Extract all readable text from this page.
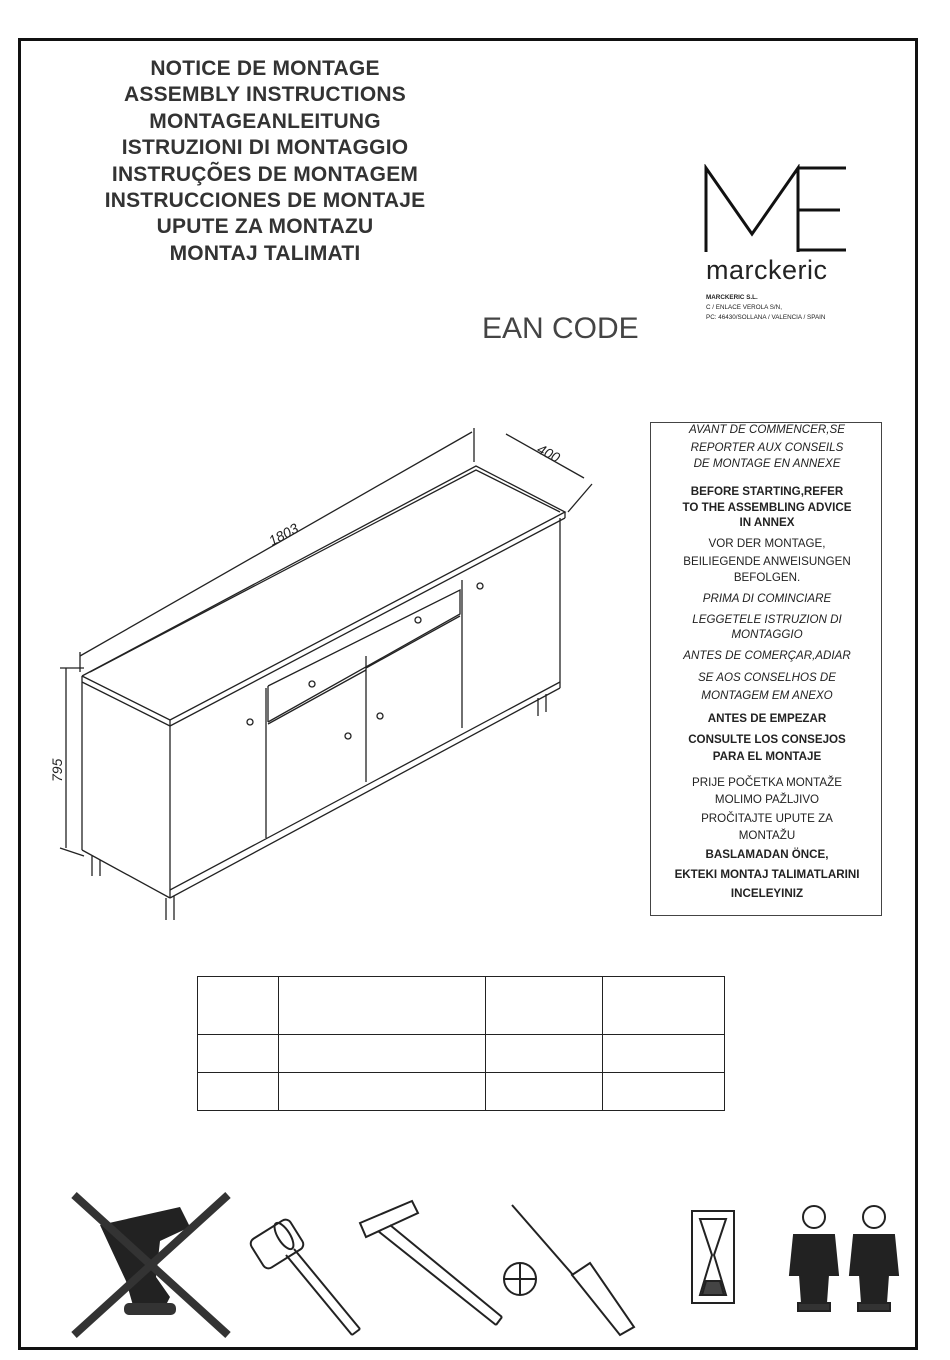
NOTICE DE MONTAGE
ASSEMBLY INSTRUCTIONS
MONTAGEANLEITUNG
ISTRUZIONI DI MONTAGGIO
INSTRUÇÕES DE MONTAGEM
INSTRUCCIONES DE MONTAJE
UPUTE ZA MONTAZU
MONTAJ TALIMATI
marckeric
MARCKERIC S.L.
C / ENLACE VEROLA S/N,
PC: 46430/SOLLANA / VALENCIA / SPAIN
EAN CODE
1803
400
795
AVANT DE COMMENCER,SE
REPORTER AUX CONSEILS
DE MONTAGE EN ANNEXE
BEFORE STARTING,REFER
TO THE ASSEMBLING ADVICE
IN ANNEX
VOR DER MONTAGE,
BEILIEGENDE ANWEISUNGEN
BEFOLGEN.
PRIMA DI COMINCIARE
LEGGETELE ISTRUZION DI
MONTAGGIO
ANTES DE COMERÇAR,ADIAR
SE AOS CONSELHOS DE
MONTAGEM EM ANEXO
ANTES DE EMPEZAR
CONSULTE LOS CONSEJOS
PARA EL MONTAJE
PRIJE POČETKA MONTAŽE
MOLIMO PAŽLJIVO
PROČITAJTE UPUTE ZA
MONTAŽU
BASLAMADAN ÖNCE,
EKTEKI MONTAJ TALIMATLARINI
INCELEYINIZ
